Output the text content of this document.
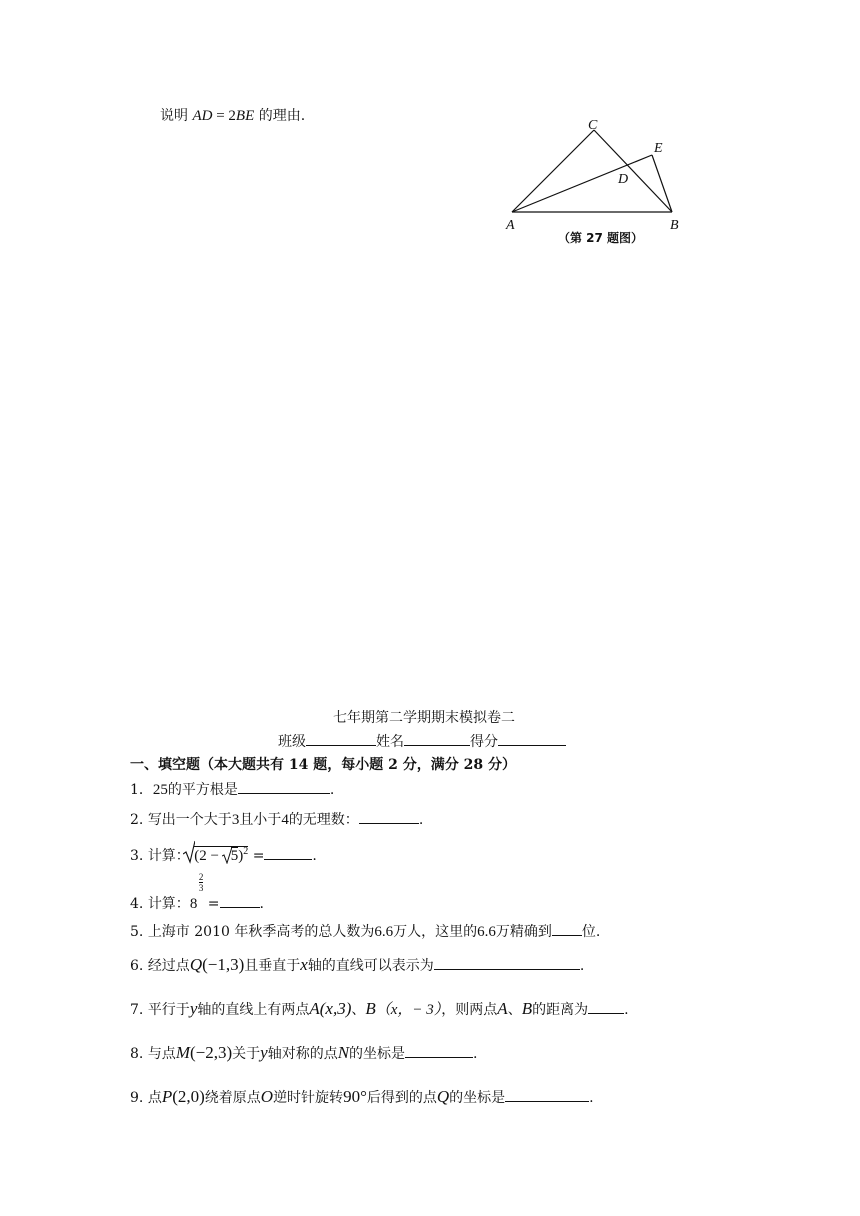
说明 AD = 2BE 的理由.
C
E
D
A	B
（第 27 题图）
七年期第二学期期末模拟卷二
班级	姓名	得分
一、填空题（本大题共有 14 题，每小题 2 分，满分 28 分）
1．25的平方根是	.
2. 写出一个大于3且小于4的无理数：	.
3. 计算： (2 −
5)$^2$ =	.
4. 计算：8
2
3
=	.
5. 上海市 2010 年秋季高考的总人数为6.6万人，这里的6.6万精确到 位.
6. 经过点Q(−1,3)且垂直于x轴的直线可以表示为	.
7. 平行于y轴的直线上有两点A(x,3)、B（x，− 3），则两点A、B的距离为	.
8. 与点M(−2,3)关于y轴对称的点N的坐标是	.
9. 点P(2,0)绕着原点O逆时针旋转90°后得到的点Q的坐标是	.
